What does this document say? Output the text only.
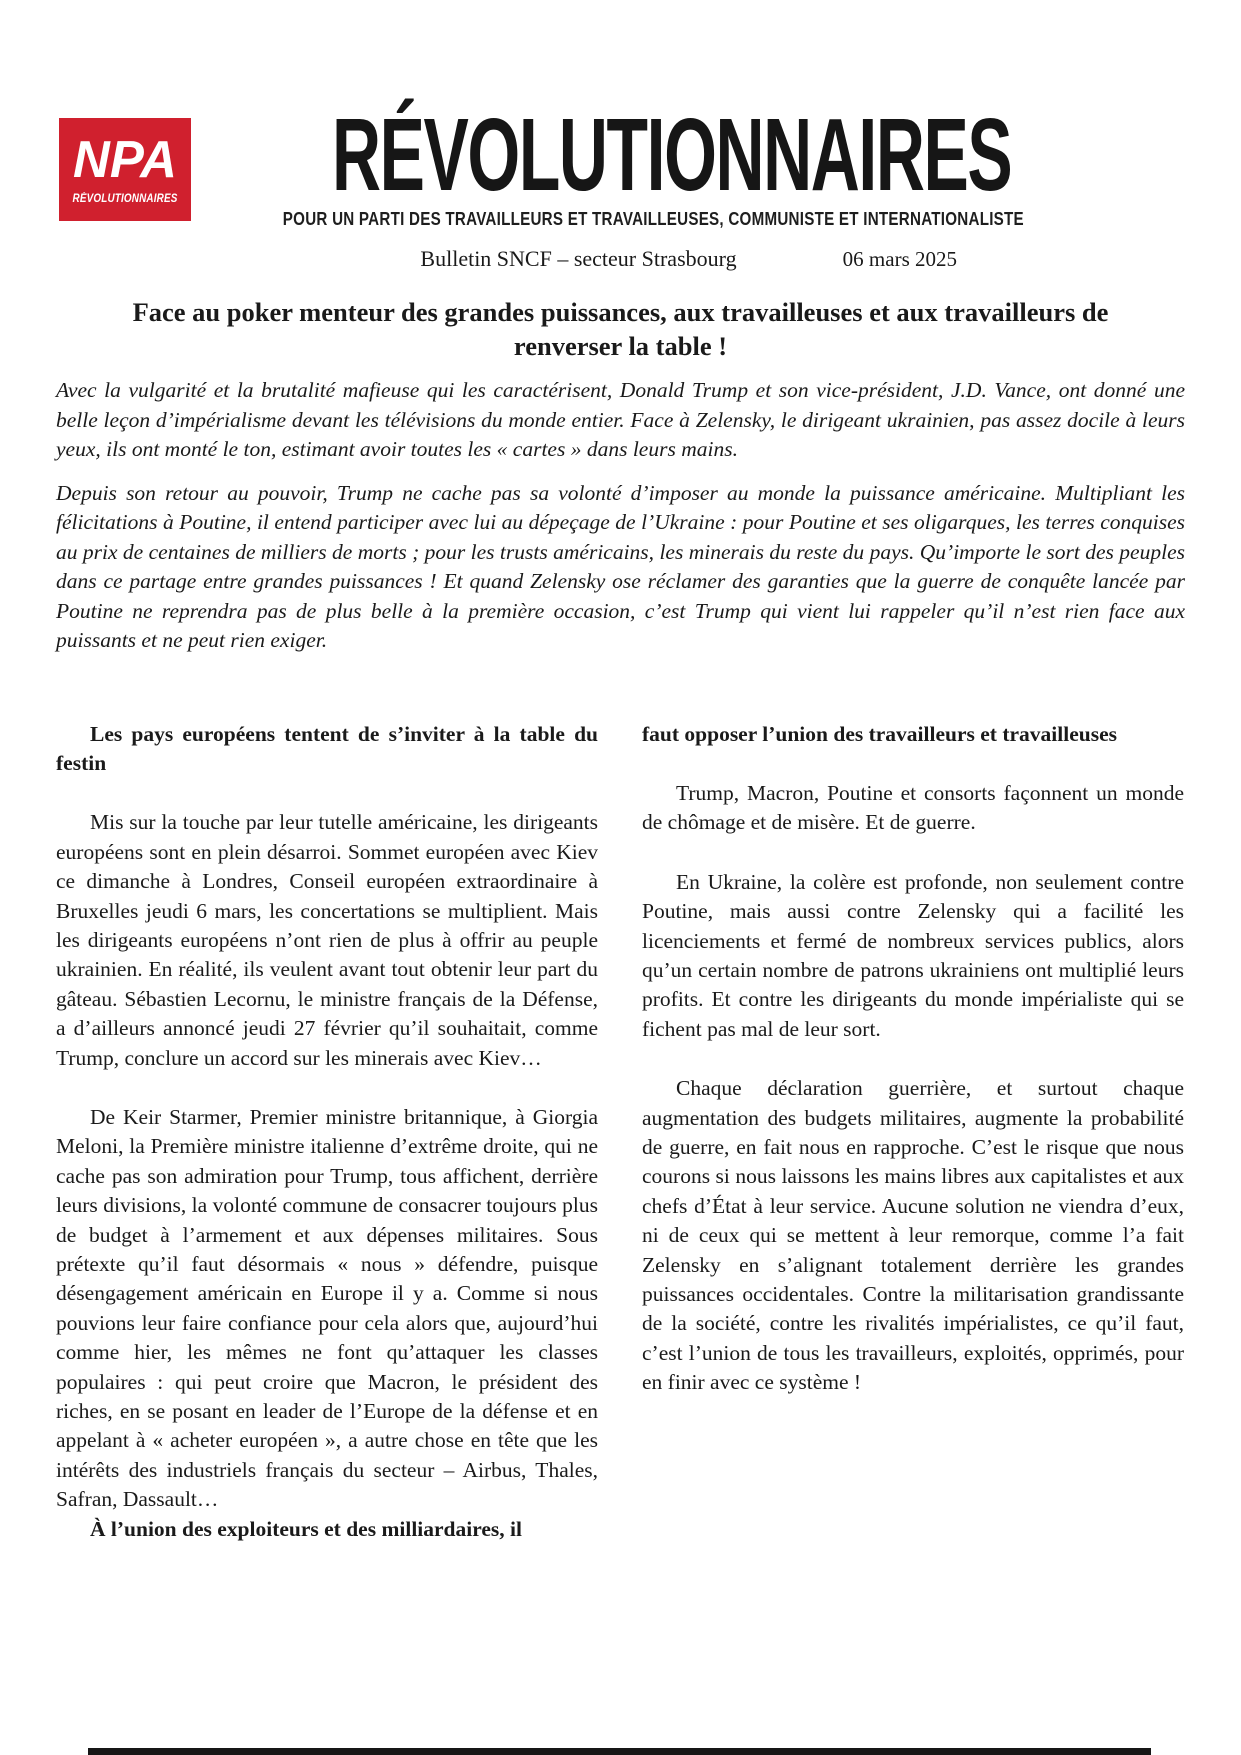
NPA
RÉVOLUTIONNAIRES RÉVOLUTIONNAIRES
POUR UN PARTI DES TRAVAILLEURS ET TRAVAILLEUSES, COMMUNISTE ET INTERNATIONALISTE
Bulletin SNCF – secteur Strasbourg	06 mars 2025
Face au poker menteur des grandes puissances, aux travailleuses et aux travailleurs de renverser la table !

Avec la vulgarité et la brutalité mafieuse qui les caractérisent, Donald Trump et son vice-président, J.D. Vance, ont donné une belle leçon d’impérialisme devant les télévisions du monde entier. Face à Zelensky, le dirigeant ukrainien, pas assez docile à leurs yeux, ils ont monté le ton, estimant avoir toutes les « cartes » dans leurs mains.

Depuis son retour au pouvoir, Trump ne cache pas sa volonté d’imposer au monde la puissance américaine. Multipliant les félicitations à Poutine, il entend participer avec lui au dépeçage de l’Ukraine : pour Poutine et ses oligarques, les terres conquises au prix de centaines de milliers de morts ; pour les trusts américains, les minerais du reste du pays. Qu’importe le sort des peuples dans ce partage entre grandes puissances ! Et quand Zelensky ose réclamer des garanties que la guerre de conquête lancée par Poutine ne reprendra pas de plus belle à la première occasion, c’est Trump qui vient lui rappeler qu’il n’est rien face aux puissants et ne peut rien exiger.

Les pays européens tentent de s’inviter à la table du festin

Mis sur la touche par leur tutelle américaine, les dirigeants européens sont en plein désarroi. Sommet européen avec Kiev ce dimanche à Londres, Conseil européen extraordinaire à Bruxelles jeudi 6 mars, les concertations se multiplient. Mais les dirigeants européens n’ont rien de plus à offrir au peuple ukrainien. En réalité, ils veulent avant tout obtenir leur part du gâteau. Sébastien Lecornu, le ministre français de la Défense, a d’ailleurs annoncé jeudi 27 février qu’il souhaitait, comme Trump, conclure un accord sur les minerais avec Kiev…

De Keir Starmer, Premier ministre britannique, à Giorgia Meloni, la Première ministre italienne d’extrême droite, qui ne cache pas son admiration pour Trump, tous affichent, derrière leurs divisions, la volonté commune de consacrer toujours plus de budget à l’armement et aux dépenses militaires. Sous prétexte qu’il faut désormais « nous » défendre, puisque désengagement américain en Europe il y a. Comme si nous pouvions leur faire confiance pour cela alors que, aujourd’hui comme hier, les mêmes ne font qu’attaquer les classes populaires : qui peut croire que Macron, le président des riches, en se posant en leader de l’Europe de la défense et en appelant à « acheter européen », a autre chose en tête que les intérêts des industriels français du secteur – Airbus, Thales, Safran, Dassault…

À l’union des exploiteurs et des milliardaires, il

faut opposer l’union des travailleurs et travailleuses

Trump, Macron, Poutine et consorts façonnent un monde de chômage et de misère. Et de guerre.

En Ukraine, la colère est profonde, non seulement contre Poutine, mais aussi contre Zelensky qui a facilité les licenciements et fermé de nombreux services publics, alors qu’un certain nombre de patrons ukrainiens ont multiplié leurs profits. Et contre les dirigeants du monde impérialiste qui se fichent pas mal de leur sort.

Chaque déclaration guerrière, et surtout chaque augmentation des budgets militaires, augmente la probabilité de guerre, en fait nous en rapproche. C’est le risque que nous courons si nous laissons les mains libres aux capitalistes et aux chefs d’État à leur service. Aucune solution ne viendra d’eux, ni de ceux qui se mettent à leur remorque, comme l’a fait Zelensky en s’alignant totalement derrière les grandes puissances occidentales. Contre la militarisation grandissante de la société, contre les rivalités impérialistes, ce qu’il faut, c’est l’union de tous les travailleurs, exploités, opprimés, pour en finir avec ce système !
